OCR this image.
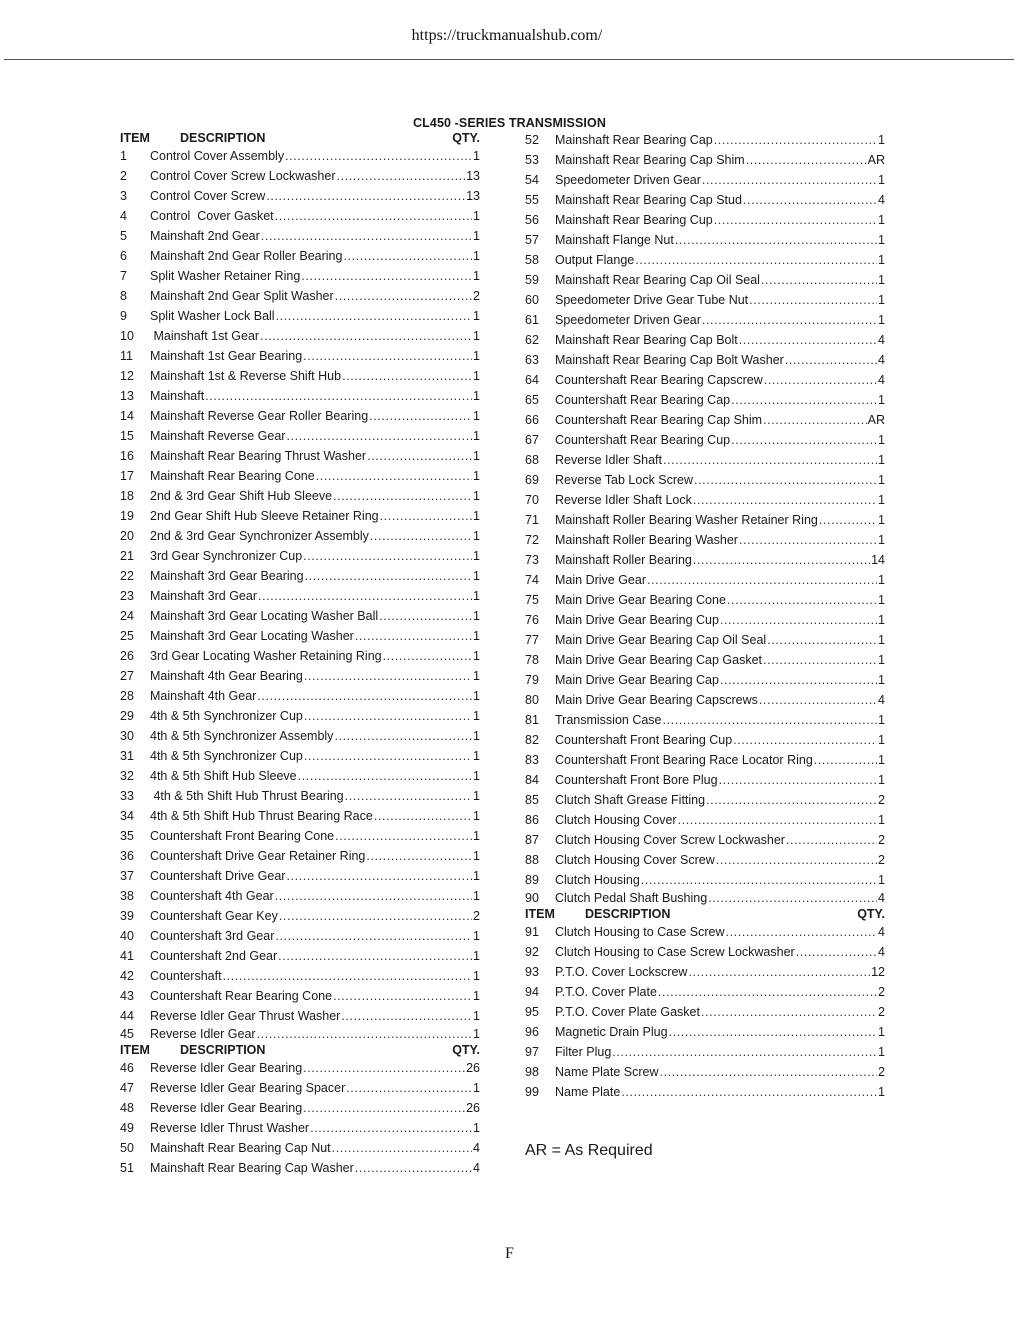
https://truckmanualshub.com/
CL450 -SERIES TRANSMISSION
ITEM	DESCRIPTION	QTY.
1	Control Cover Assembly .....	1
2	Control Cover Screw Lockwasher .....	13
3	Control Cover Screw .....	13
4	Control  Cover Gasket .....	1
5	Mainshaft 2nd Gear .....	1
6	Mainshaft 2nd Gear Roller Bearing .....	1
7	Split Washer Retainer Ring .....	1
8	Mainshaft 2nd Gear Split Washer .....	2
9	Split Washer Lock Ball .....	1
10	Mainshaft 1st Gear .....	1
11	Mainshaft 1st Gear Bearing .....	1
12	Mainshaft 1st & Reverse Shift Hub .....	1
13	Mainshaft .....	1
14	Mainshaft Reverse Gear Roller Bearing .....	1
15	Mainshaft Reverse Gear .....	1
16	Mainshaft Rear Bearing Thrust Washer .....	1
17	Mainshaft Rear Bearing Cone .....	1
18	2nd & 3rd Gear Shift Hub Sleeve .....	1
19	2nd Gear Shift Hub Sleeve Retainer Ring .....	1
20	2nd & 3rd Gear Synchronizer Assembly .....	1
21	3rd Gear Synchronizer Cup .....	1
22	Mainshaft 3rd Gear Bearing .....	1
23	Mainshaft 3rd Gear .....	1
24	Mainshaft 3rd Gear Locating Washer Ball .....	1
25	Mainshaft 3rd Gear Locating Washer .....	1
26	3rd Gear Locating Washer Retaining Ring .....	1
27	Mainshaft 4th Gear Bearing .....	1
28	Mainshaft 4th Gear .....	1
29	4th & 5th Synchronizer Cup .....	1
30	4th & 5th Synchronizer Assembly .....	1
31	4th & 5th Synchronizer Cup .....	1
32	4th & 5th Shift Hub Sleeve .....	1
33	4th & 5th Shift Hub Thrust Bearing .....	1
34	4th & 5th Shift Hub Thrust Bearing Race .....	1
35	Countershaft Front Bearing Cone .....	1
36	Countershaft Drive Gear Retainer Ring .....	1
37	Countershaft Drive Gear .....	1
38	Countershaft 4th Gear .....	1
39	Countershaft Gear Key .....	2
40	Countershaft 3rd Gear .....	1
41	Countershaft 2nd Gear .....	1
42	Countershaft .....	1
43	Countershaft Rear Bearing Cone .....	1
44	Reverse Idler Gear Thrust Washer .....	1
45	Reverse Idler Gear .....	1
ITEM	DESCRIPTION	QTY.
46	Reverse Idler Gear Bearing .....	26
47	Reverse Idler Gear Bearing Spacer .....	1
48	Reverse Idler Gear Bearing .....	26
49	Reverse Idler Thrust Washer .....	1
50	Mainshaft Rear Bearing Cap Nut .....	4
51	Mainshaft Rear Bearing Cap Washer .....	4
52	Mainshaft Rear Bearing Cap .....	1
53	Mainshaft Rear Bearing Cap Shim .....	AR
54	Speedometer Driven Gear .....	1
55	Mainshaft Rear Bearing Cap Stud .....	4
56	Mainshaft Rear Bearing Cup .....	1
57	Mainshaft Flange Nut .....	1
58	Output Flange .....	1
59	Mainshaft Rear Bearing Cap Oil Seal .....	1
60	Speedometer Drive Gear Tube Nut .....	1
61	Speedometer Driven Gear .....	1
62	Mainshaft Rear Bearing Cap Bolt .....	4
63	Mainshaft Rear Bearing Cap Bolt Washer .....	4
64	Countershaft Rear Bearing Capscrew .....	4
65	Countershaft Rear Bearing Cap .....	1
66	Countershaft Rear Bearing Cap Shim .....	AR
67	Countershaft Rear Bearing Cup .....	1
68	Reverse Idler Shaft .....	1
69	Reverse Tab Lock Screw .....	1
70	Reverse Idler Shaft Lock .....	1
71	Mainshaft Roller Bearing Washer Retainer Ring .....	1
72	Mainshaft Roller Bearing Washer .....	1
73	Mainshaft Roller Bearing .....	14
74	Main Drive Gear .....	1
75	Main Drive Gear Bearing Cone .....	1
76	Main Drive Gear Bearing Cup .....	1
77	Main Drive Gear Bearing Cap Oil Seal .....	1
78	Main Drive Gear Bearing Cap Gasket .....	1
79	Main Drive Gear Bearing Cap .....	1
80	Main Drive Gear Bearing Capscrews .....	4
81	Transmission Case .....	1
82	Countershaft Front Bearing Cup .....	1
83	Countershaft Front Bearing Race Locator Ring .....	1
84	Countershaft Front Bore Plug .....	1
85	Clutch Shaft Grease Fitting .....	2
86	Clutch Housing Cover .....	1
87	Clutch Housing Cover Screw Lockwasher .....	2
88	Clutch Housing Cover Screw .....	2
89	Clutch Housing .....	1
90	Clutch Pedal Shaft Bushing .....	4
ITEM	DESCRIPTION	QTY.
91	Clutch Housing to Case Screw .....	4
92	Clutch Housing to Case Screw Lockwasher .....	4
93	P.T.O. Cover Lockscrew .....	12
94	P.T.O. Cover Plate .....	2
95	P.T.O. Cover Plate Gasket .....	2
96	Magnetic Drain Plug .....	1
97	Filter Plug .....	1
98	Name Plate Screw .....	2
99	Name Plate .....	1
AR = As Required
F
